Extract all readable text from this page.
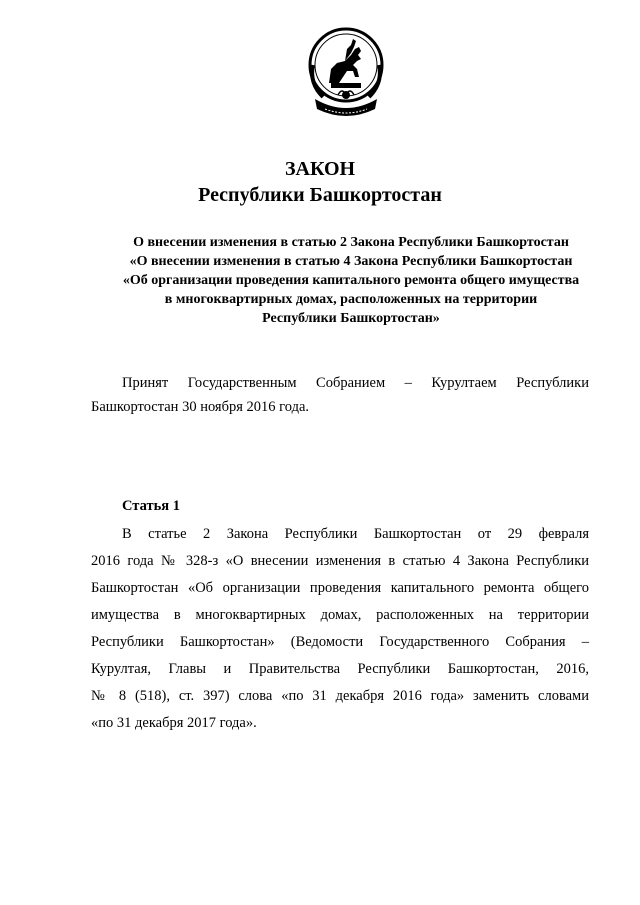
ЗАКОН
Республики Башкортостан
О внесении изменения в статью 2 Закона Республики Башкортостан
«О внесении изменения в статью 4 Закона Республики Башкортостан
«Об организации проведения капитального ремонта общего имущества
в многоквартирных домах, расположенных на территории
Республики Башкортостан»
Принят Государственным Собранием – Курултаем Республики
Башкортостан 30 ноября 2016 года.
Статья 1
В статье 2 Закона Республики Башкортостан от 29 февраля
2016 года № 328-з «О внесении изменения в статью 4 Закона Республики
Башкортостан «Об организации проведения капитального ремонта общего
имущества в многоквартирных домах, расположенных на территории
Республики Башкортостан» (Ведомости Государственного Собрания –
Курултая, Главы и Правительства Республики Башкортостан, 2016,
№ 8 (518), ст. 397) слова «по 31 декабря 2016 года» заменить словами
«по 31 декабря 2017 года».
